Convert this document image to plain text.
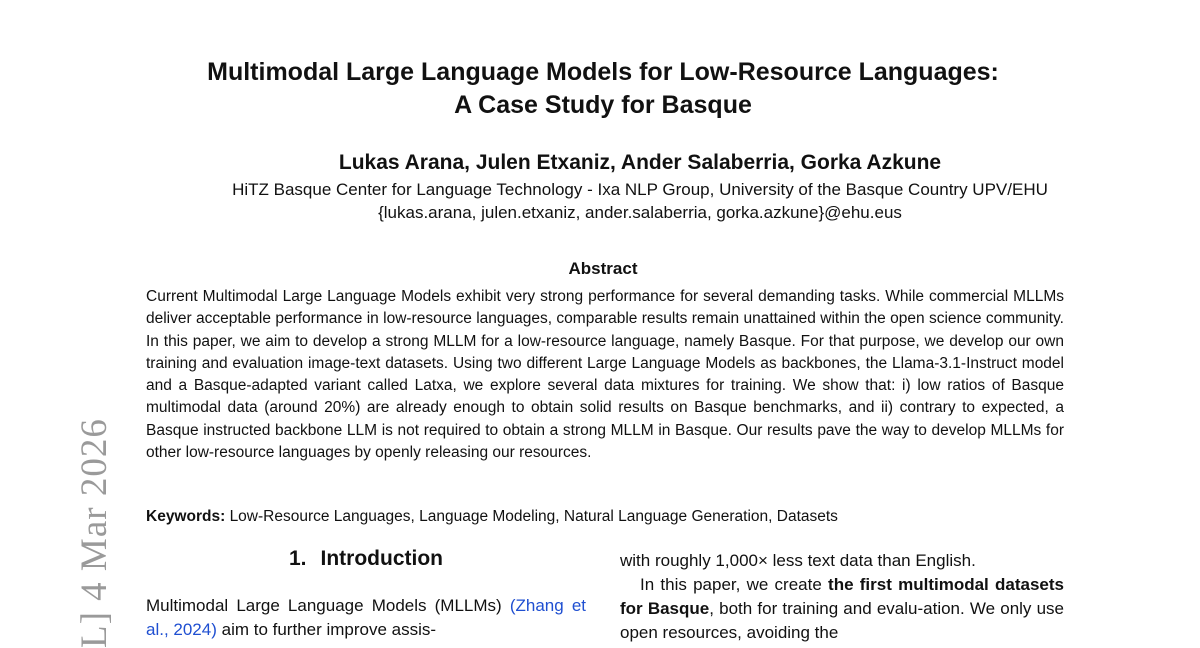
Multimodal Large Language Models for Low-Resource Languages:
A Case Study for Basque
Lukas Arana, Julen Etxaniz, Ander Salaberria, Gorka Azkune
HiTZ Basque Center for Language Technology - Ixa NLP Group, University of the Basque Country UPV/EHU
{lukas.arana, julen.etxaniz, ander.salaberria, gorka.azkune}@ehu.eus
Abstract
Current Multimodal Large Language Models exhibit very strong performance for several demanding tasks. While commercial MLLMs deliver acceptable performance in low-resource languages, comparable results remain unattained within the open science community. In this paper, we aim to develop a strong MLLM for a low-resource language, namely Basque. For that purpose, we develop our own training and evaluation image-text datasets. Using two different Large Language Models as backbones, the Llama-3.1-Instruct model and a Basque-adapted variant called Latxa, we explore several data mixtures for training. We show that: i) low ratios of Basque multimodal data (around 20%) are already enough to obtain solid results on Basque benchmarks, and ii) contrary to expected, a Basque instructed backbone LLM is not required to obtain a strong MLLM in Basque. Our results pave the way to develop MLLMs for other low-resource languages by openly releasing our resources.
Keywords: Low-Resource Languages, Language Modeling, Natural Language Generation, Datasets
1. Introduction

Multimodal Large Language Models (MLLMs) (Zhang et al., 2024) aim to further improve assis-

with roughly 1,000× less text data than English.

In this paper, we create the first multimodal datasets for Basque, both for training and evalu-ation. We only use open resources, avoiding the

L] 4 Mar 2026
